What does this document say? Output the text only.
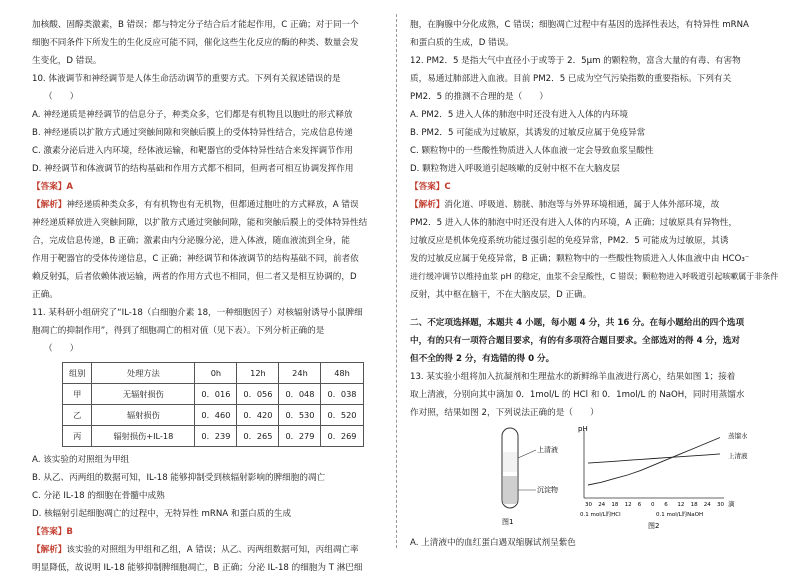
加核酸、固醇类激素，B 错误；都与特定分子结合后才能起作用，C 正确；对于同一个

细胞不同条件下所发生的生化反应可能不同，催化这些生化反应的酶的种类、数量会发

生变化，D 错误。

10. 体液调节和神经调节是人体生命活动调节的重要方式。下列有关叙述错误的是

（　　）

A. 神经递质是神经调节的信息分子，种类众多，它们都是有机物且以胞吐的形式释放

B. 神经递质以扩散方式通过突触间隙和突触后膜上的受体特异性结合，完成信息传递

C. 激素分泌后进入内环境，经体液运输，和靶器官的受体特异性结合来发挥调节作用

D. 神经调节和体液调节的结构基础和作用方式都不相同，但两者可相互协调发挥作用

【答案】A

【解析】神经递质种类众多，有有机物也有无机物，但都通过胞吐的方式释放，A 错误

神经递质释放进入突触间隙，以扩散方式通过突触间隙，能和突触后膜上的受体特异性结

合，完成信息传递，B 正确；激素由内分泌腺分泌，进入体液，随血液流到全身，能

作用于靶器官的受体传递信息，C 正确；神经调节和体液调节的结构基础不同，前者依

赖反射弧，后者依赖体液运输，两者的作用方式也不相同，但二者又是相互协调的，D

正确。

11. 某科研小组研究了“IL-18（白细胞介素 18，一种细胞因子）对核辐射诱导小鼠脾细

胞凋亡的抑制作用”，得到了细胞凋亡的相对值（见下表）。下列分析正确的是

（　　）

组别	处理方法	0h	12h	24h	48h
甲	无辐射损伤	0．016	0．056	0．048	0．038
乙	辐射损伤	0．460	0．420	0．530	0．520
丙	辐射损伤+IL-18	0．239	0．265	0．279	0．269

A. 该实验的对照组为甲组

B. 从乙、丙两组的数据可知，IL-18 能够抑制受到核辐射影响的脾细胞的凋亡

C. 分泌 IL-18 的细胞在骨髓中成熟

D. 核辐射引起细胞凋亡的过程中，无特异性 mRNA 和蛋白质的生成

【答案】B

【解析】该实验的对照组为甲组和乙组，A 错误；从乙、丙两组数据可知，丙组凋亡率

明显降低，故说明 IL-18 能够抑制脾细胞凋亡，B 正确；分泌 IL-18 的细胞为 T 淋巴细

胞，在胸腺中分化成熟，C 错误；细胞凋亡过程中有基因的选择性表达，有特异性 mRNA

和蛋白质的生成，D 错误。

12. PM2．5 是指大气中直径小于或等于 2．5μm 的颗粒物，富含大量的有毒、有害物

质，易通过肺部进入血液。目前 PM2．5 已成为空气污染指数的重要指标。下列有关

PM2．5 的推测不合理的是（　　）

A. PM2．5 进入人体的肺泡中时还没有进入人体的内环境

B. PM2．5 可能成为过敏原，其诱发的过敏反应属于免疫异常

C. 颗粒物中的一些酸性物质进入人体血液一定会导致血浆呈酸性

D. 颗粒物进入呼吸道引起咳嗽的反射中枢不在大脑皮层

【答案】C

【解析】消化道、呼吸道、膀胱、肺泡等与外界环境相通，属于人体外部环境，故

PM2．5 进入人体的肺泡中时还没有进入人体的内环境，A 正确；过敏原具有异物性，

过敏反应是机体免疫系统功能过强引起的免疫异常，PM2．5 可能成为过敏原，其诱

发的过敏反应属于免疫异常，B 正确；颗粒物中的一些酸性物质进入人体血液中由 HCO₃⁻

进行缓冲调节以维持血浆 pH 的稳定，血浆不会呈酸性，C 错误；颗粒物进入呼吸道引起咳嗽属于非条件

反射，其中枢在脑干，不在大脑皮层，D 正确。

二、不定项选择题，本题共 4 小题，每小题 4 分，共 16 分。在每小题给出的四个选项

中，有的只有一项符合题目要求，有的有多项符合题目要求。全部选对的得 4 分，选对

但不全的得 2 分，有选错的得 0 分。

13. 某实验小组将加入抗凝剂和生理盐水的新鲜绵羊血液进行离心，结果如图 1；接着

取上清液，分别向其中滴加 0．1mol/L 的 HCl 和 0．1mol/L 的 NaOH，同时用蒸馏水

作对照，结果如图 2，下列说法正确的是（　　）

上清液
沉淀物
图1
pH
蒸馏水
上清液
30 24 18 12 6 0 6 12 18 24 30 滴
0.1 mol/L的HCl	0.1 mol/L的NaOH
图2

A. 上清液中的血红蛋白遇双缩脲试剂呈紫色
